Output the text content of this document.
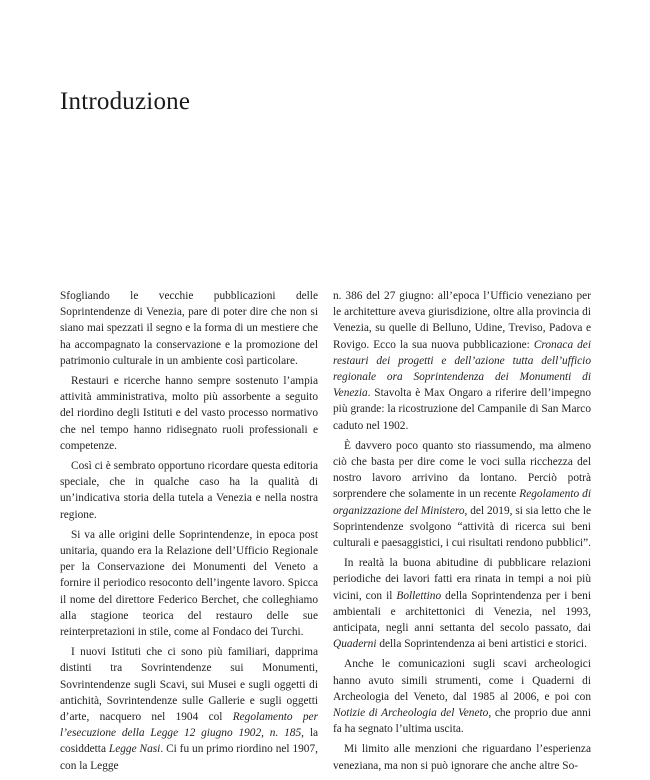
Introduzione

Sfogliando le vecchie pubblicazioni delle Soprintendenze di Venezia, pare di poter dire che non si siano mai spezzati il segno e la forma di un mestiere che ha accompagnato la conservazione e la promozione del patrimonio culturale in un ambiente così particolare.

Restauri e ricerche hanno sempre sostenuto l’ampia attività amministrativa, molto più assorbente a seguito del riordino degli Istituti e del vasto processo normativo che nel tempo hanno ridisegnato ruoli professionali e competenze.

Così ci è sembrato opportuno ricordare questa editoria speciale, che in qualche caso ha la qualità di un’indicativa storia della tutela a Venezia e nella nostra regione.

Si va alle origini delle Soprintendenze, in epoca post unitaria, quando era la Relazione dell’Ufficio Regionale per la Conservazione dei Monumenti del Veneto a fornire il periodico resoconto dell’ingente lavoro. Spicca il nome del direttore Federico Berchet, che colleghiamo alla stagione teorica del restauro delle sue reinterpretazioni in stile, come al Fondaco dei Turchi.

I nuovi Istituti che ci sono più familiari, dapprima distinti tra Sovrintendenze sui Monumenti, Sovrintendenze sugli Scavi, sui Musei e sugli oggetti di antichità, Sovrintendenze sulle Gallerie e sugli oggetti d’arte, nacquero nel 1904 col Regolamento per l’esecuzione della Legge 12 giugno 1902, n. 185, la cosiddetta Legge Nasi. Ci fu un primo riordino nel 1907, con la Legge

n. 386 del 27 giugno: all’epoca l’Ufficio veneziano per le architetture aveva giurisdizione, oltre alla provincia di Venezia, su quelle di Belluno, Udine, Treviso, Padova e Rovigo. Ecco la sua nuova pubblicazione: Cronaca dei restauri dei progetti e dell’azione tutta dell’ufficio regionale ora Soprintendenza dei Monumenti di Venezia. Stavolta è Max Ongaro a riferire dell’impegno più grande: la ricostruzione del Campanile di San Marco caduto nel 1902.

È davvero poco quanto sto riassumendo, ma almeno ciò che basta per dire come le voci sulla ricchezza del nostro lavoro arrivino da lontano. Perciò potrà sorprendere che solamente in un recente Regolamento di organizzazione del Ministero, del 2019, si sia letto che le Soprintendenze svolgono “attività di ricerca sui beni culturali e paesaggistici, i cui risultati rendono pubblici”.

In realtà la buona abitudine di pubblicare relazioni periodiche dei lavori fatti era rinata in tempi a noi più vicini, con il Bollettino della Soprintendenza per i beni ambientali e architettonici di Venezia, nel 1993, anticipata, negli anni settanta del secolo passato, dai Quaderni della Soprintendenza ai beni artistici e storici.

Anche le comunicazioni sugli scavi archeologici hanno avuto simili strumenti, come i Quaderni di Archeologia del Veneto, dal 1985 al 2006, e poi con Notizie di Archeologia del Veneto, che proprio due anni fa ha segnato l’ultima uscita.

Mi limito alle menzioni che riguardano l’esperienza veneziana, ma non si può ignorare che anche altre So-
